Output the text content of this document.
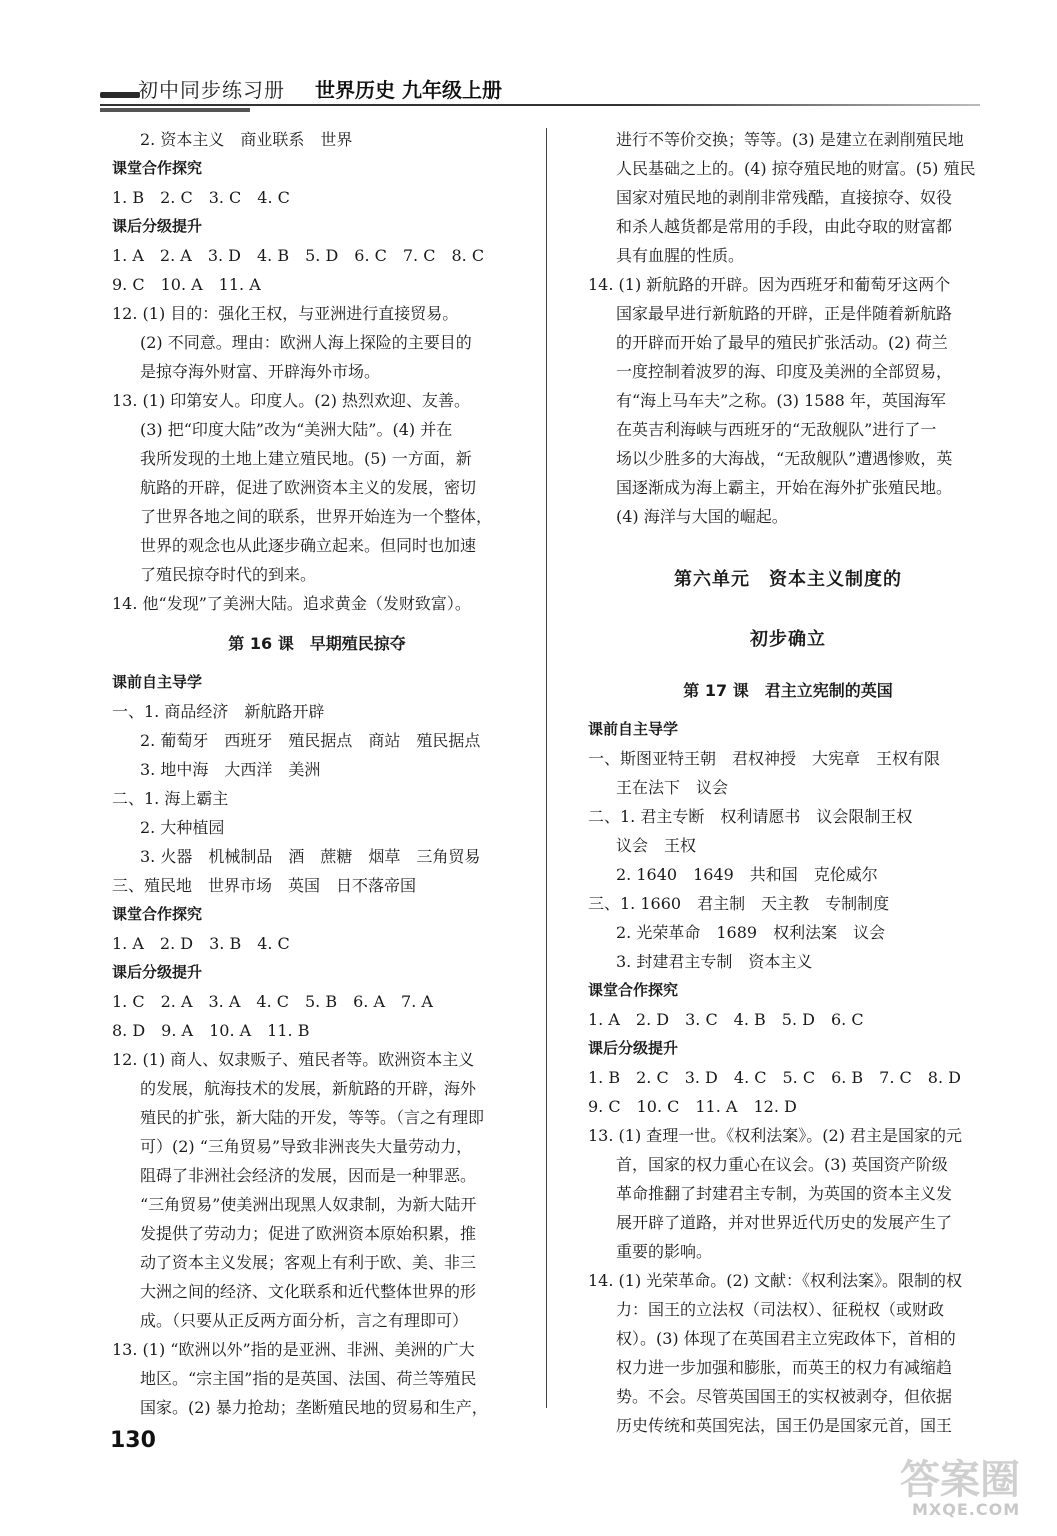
初中同步练习册 世界历史 九年级上册
2. 资本主义　商业联系　世界
课堂合作探究
1. B　2. C　3. C　4. C
课后分级提升
1. A　2. A　3. D　4. B　5. D　6. C　7. C　8. C
9. C　10. A　11. A
12. (1) 目的：强化王权，与亚洲进行直接贸易。
(2) 不同意。理由：欧洲人海上探险的主要目的
是掠夺海外财富、开辟海外市场。
13. (1) 印第安人。印度人。(2) 热烈欢迎、友善。
(3) 把“印度大陆”改为“美洲大陆”。(4) 并在
我所发现的土地上建立殖民地。(5) 一方面，新
航路的开辟，促进了欧洲资本主义的发展，密切
了世界各地之间的联系，世界开始连为一个整体，
世界的观念也从此逐步确立起来。但同时也加速
了殖民掠夺时代的到来。
14. 他“发现”了美洲大陆。追求黄金（发财致富）。
第 16 课　早期殖民掠夺
课前自主导学
一、1. 商品经济　新航路开辟
2. 葡萄牙　西班牙　殖民据点　商站　殖民据点
3. 地中海　大西洋　美洲
二、1. 海上霸主
2. 大种植园
3. 火器　机械制品　酒　蔗糖　烟草　三角贸易
三、殖民地　世界市场　英国　日不落帝国
课堂合作探究
1. A　2. D　3. B　4. C
课后分级提升
1. C　2. A　3. A　4. C　5. B　6. A　7. A
8. D　9. A　10. A　11. B
12. (1) 商人、奴隶贩子、殖民者等。欧洲资本主义
的发展，航海技术的发展，新航路的开辟，海外
殖民的扩张，新大陆的开发，等等。（言之有理即
可）(2) “三角贸易”导致非洲丧失大量劳动力，
阻碍了非洲社会经济的发展，因而是一种罪恶。
“三角贸易”使美洲出现黑人奴隶制，为新大陆开
发提供了劳动力；促进了欧洲资本原始积累，推
动了资本主义发展；客观上有利于欧、美、非三
大洲之间的经济、文化联系和近代整体世界的形
成。（只要从正反两方面分析，言之有理即可）
13. (1) “欧洲以外”指的是亚洲、非洲、美洲的广大
地区。“宗主国”指的是英国、法国、荷兰等殖民
国家。(2) 暴力抢劫；垄断殖民地的贸易和生产，
进行不等价交换；等等。(3) 是建立在剥削殖民地
人民基础之上的。(4) 掠夺殖民地的财富。(5) 殖民
国家对殖民地的剥削非常残酷，直接掠夺、奴役
和杀人越货都是常用的手段，由此夺取的财富都
具有血腥的性质。
14. (1) 新航路的开辟。因为西班牙和葡萄牙这两个
国家最早进行新航路的开辟，正是伴随着新航路
的开辟而开始了最早的殖民扩张活动。(2) 荷兰
一度控制着波罗的海、印度及美洲的全部贸易，
有“海上马车夫”之称。(3) 1588 年，英国海军
在英吉利海峡与西班牙的“无敌舰队”进行了一
场以少胜多的大海战，“无敌舰队”遭遇惨败，英
国逐渐成为海上霸主，开始在海外扩张殖民地。
(4) 海洋与大国的崛起。
第六单元　资本主义制度的
初步确立
第 17 课　君主立宪制的英国
课前自主导学
一、斯图亚特王朝　君权神授　大宪章　王权有限
王在法下　议会
二、1. 君主专断　权利请愿书　议会限制王权
议会　王权
2. 1640　1649　共和国　克伦威尔
三、1. 1660　君主制　天主教　专制制度
2. 光荣革命　1689　权利法案　议会
3. 封建君主专制　资本主义
课堂合作探究
1. A　2. D　3. C　4. B　5. D　6. C
课后分级提升
1. B　2. C　3. D　4. C　5. C　6. B　7. C　8. D
9. C　10. C　11. A　12. D
13. (1) 查理一世。《权利法案》。(2) 君主是国家的元
首，国家的权力重心在议会。(3) 英国资产阶级
革命推翻了封建君主专制，为英国的资本主义发
展开辟了道路，并对世界近代历史的发展产生了
重要的影响。
14. (1) 光荣革命。(2) 文献：《权利法案》。限制的权
力：国王的立法权（司法权）、征税权（或财政
权）。(3) 体现了在英国君主立宪政体下，首相的
权力进一步加强和膨胀，而英王的权力有减缩趋
势。不会。尽管英国国王的实权被剥夺，但依据
历史传统和英国宪法，国王仍是国家元首，国王
130
答案圈
MXQE.COM
